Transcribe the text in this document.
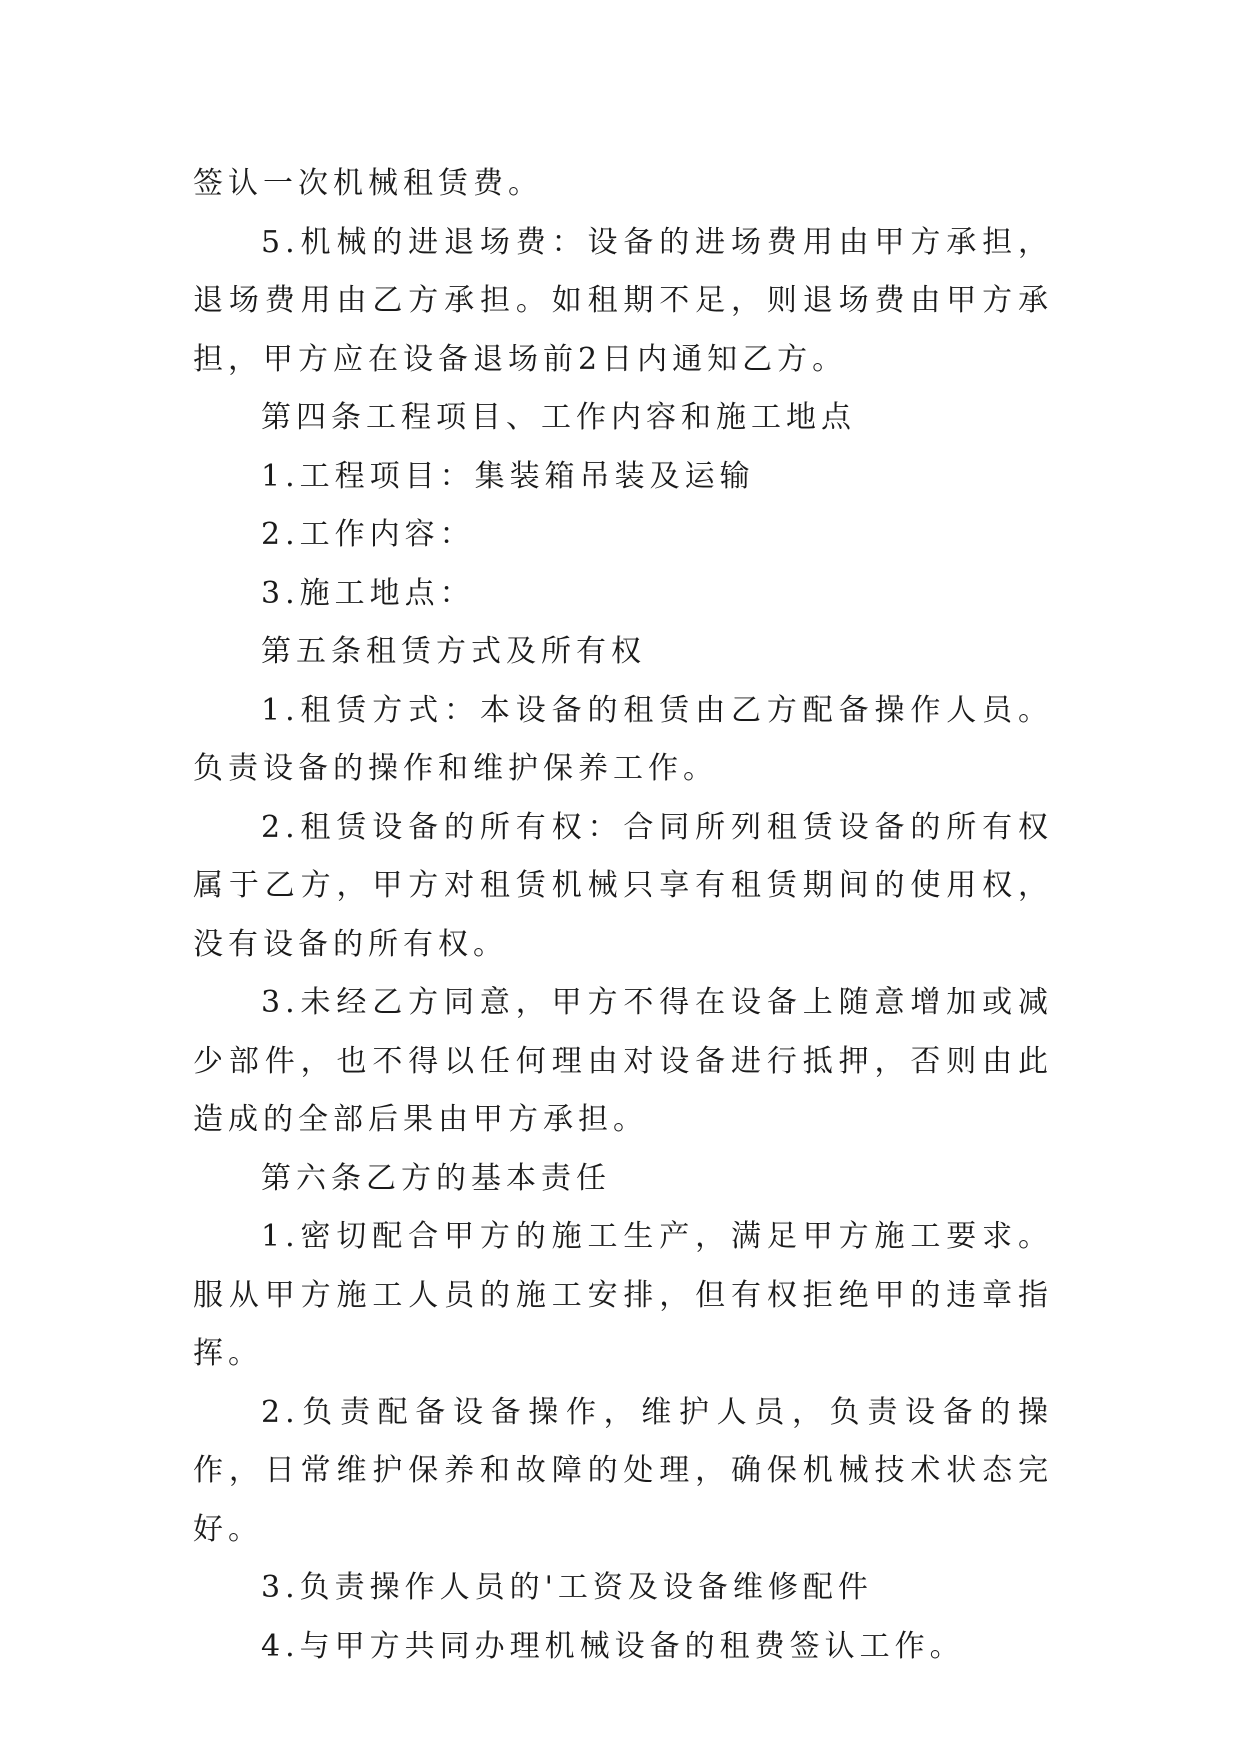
签认一次机械租赁费。

5.机械的进退场费：设备的进场费用由甲方承担，退场费用由乙方承担。如租期不足，则退场费由甲方承担，甲方应在设备退场前2日内通知乙方。

第四条工程项目、工作内容和施工地点

1.工程项目：集装箱吊装及运输

2.工作内容：

3.施工地点：

第五条租赁方式及所有权

1.租赁方式：本设备的租赁由乙方配备操作人员。负责设备的操作和维护保养工作。

2.租赁设备的所有权：合同所列租赁设备的所有权属于乙方，甲方对租赁机械只享有租赁期间的使用权，没有设备的所有权。

3.未经乙方同意，甲方不得在设备上随意增加或减少部件，也不得以任何理由对设备进行抵押，否则由此造成的全部后果由甲方承担。

第六条乙方的基本责任

1.密切配合甲方的施工生产，满足甲方施工要求。服从甲方施工人员的施工安排，但有权拒绝甲的违章指挥。

2.负责配备设备操作，维护人员，负责设备的操作，日常维护保养和故障的处理，确保机械技术状态完好。

3.负责操作人员的'工资及设备维修配件

4.与甲方共同办理机械设备的租费签认工作。
